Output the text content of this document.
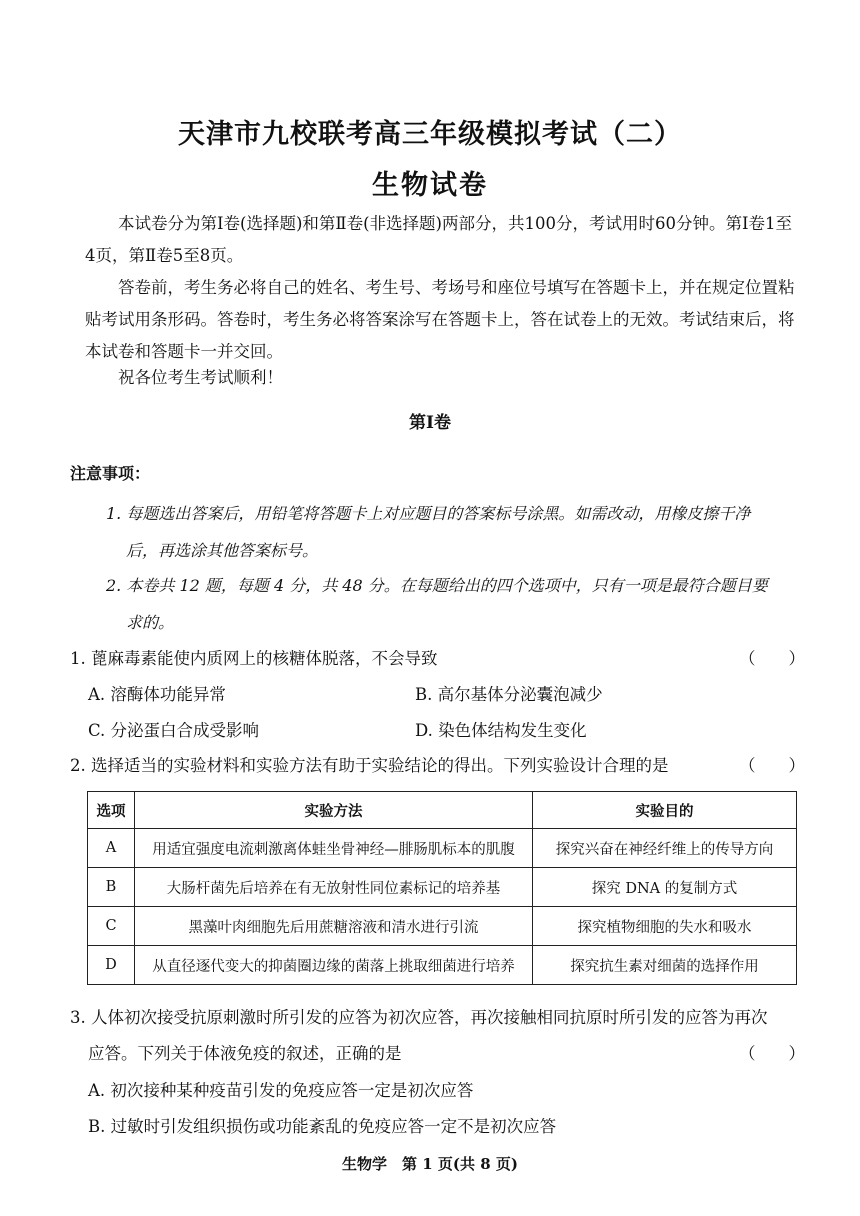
天津市九校联考高三年级模拟考试（二）
生物试卷
本试卷分为第Ⅰ卷(选择题)和第Ⅱ卷(非选择题)两部分，共100分，考试用时60分钟。第Ⅰ卷1至4页，第Ⅱ卷5至8页。
答卷前，考生务必将自己的姓名、考生号、考场号和座位号填写在答题卡上，并在规定位置粘贴考试用条形码。答卷时，考生务必将答案涂写在答题卡上，答在试卷上的无效。考试结束后，将本试卷和答题卡一并交回。
祝各位考生考试顺利！
第Ⅰ卷
注意事项：
1. 每题选出答案后，用铅笔将答题卡上对应题目的答案标号涂黑。如需改动，用橡皮擦干净
后，再选涂其他答案标号。
2. 本卷共 12 题，每题 4 分，共 48 分。在每题给出的四个选项中，只有一项是最符合题目要
求的。
1. 蓖麻毒素能使内质网上的核糖体脱落，不会导致	（　　）
A. 溶酶体功能异常	B. 高尔基体分泌囊泡减少
C. 分泌蛋白合成受影响	D. 染色体结构发生变化
2. 选择适当的实验材料和实验方法有助于实验结论的得出。下列实验设计合理的是	（　　）
选项	实验方法	实验目的
A	用适宜强度电流刺激离体蛙坐骨神经—腓肠肌标本的肌腹	探究兴奋在神经纤维上的传导方向
B	大肠杆菌先后培养在有无放射性同位素标记的培养基	探究 DNA 的复制方式
C	黑藻叶肉细胞先后用蔗糖溶液和清水进行引流	探究植物细胞的失水和吸水
D	从直径逐代变大的抑菌圈边缘的菌落上挑取细菌进行培养	探究抗生素对细菌的选择作用
3. 人体初次接受抗原刺激时所引发的应答为初次应答，再次接触相同抗原时所引发的应答为再次
应答。下列关于体液免疫的叙述，正确的是	（　　）
A. 初次接种某种疫苗引发的免疫应答一定是初次应答
B. 过敏时引发组织损伤或功能紊乱的免疫应答一定不是初次应答
生物学　第 1 页(共 8 页)
